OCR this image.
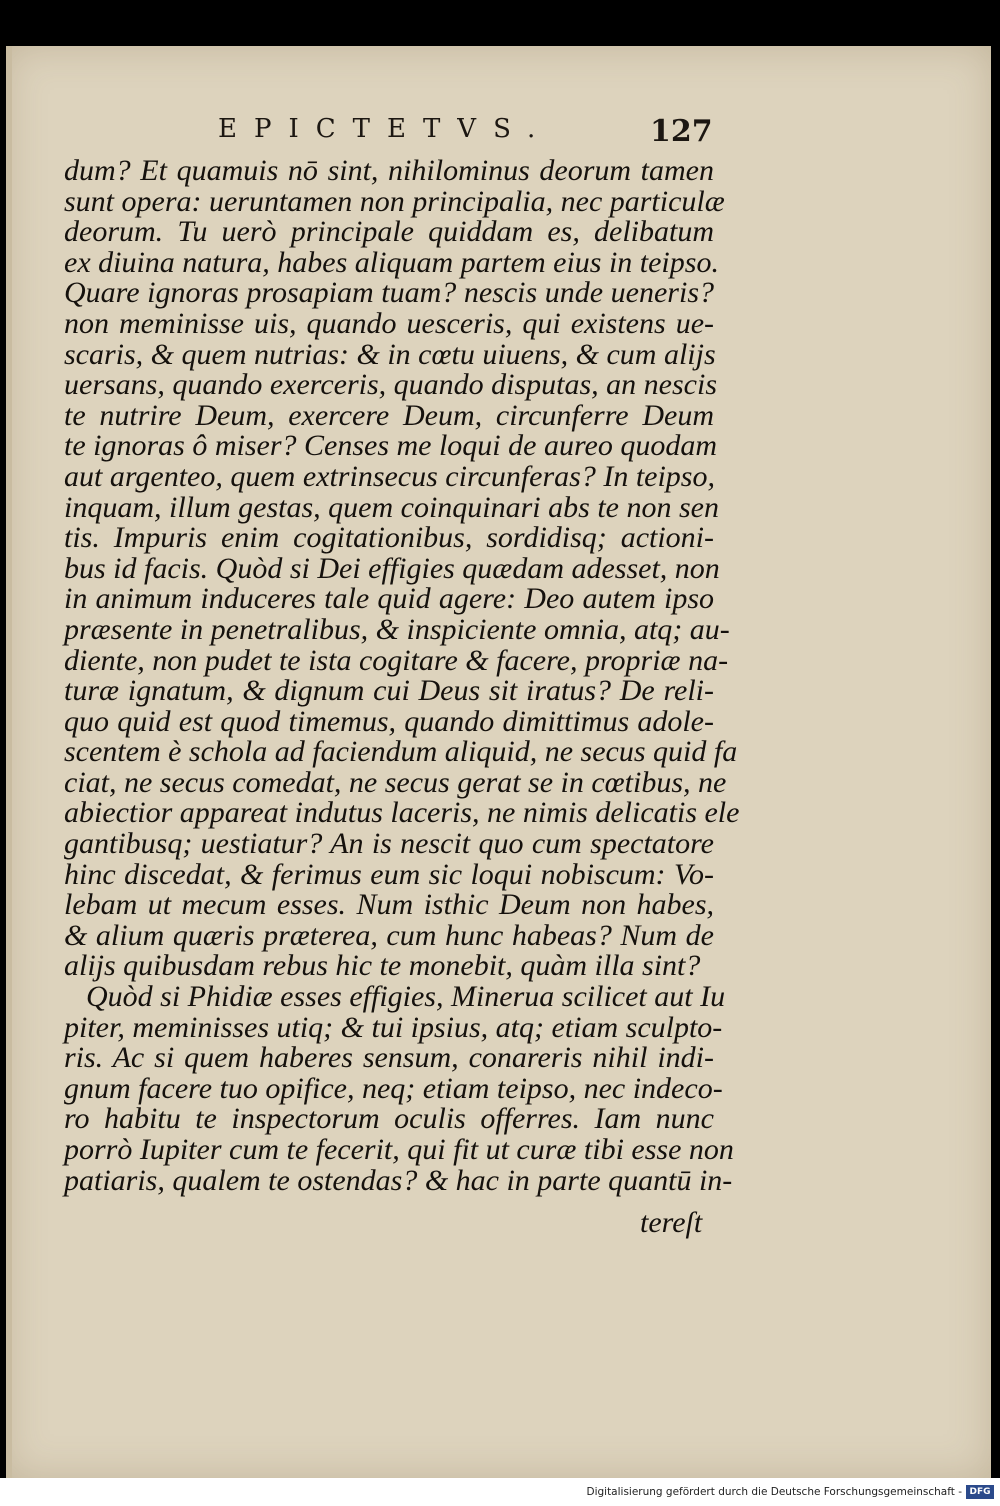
EPICTETVS.	127
dum? Et quamuis nō sint, nihilominus deorum tamen
sunt opera: ueruntamen non principalia, nec particulæ
deorum. Tu uerò principale quiddam es, delibatum
ex diuina natura, habes aliquam partem eius in teipso.
Quare ignoras prosapiam tuam? nescis unde ueneris?
non meminisse uis, quando uesceris, qui existens ue-
scaris, & quem nutrias: & in cœtu uiuens, & cum alijs
uersans, quando exerceris, quando disputas, an nescis
te nutrire Deum, exercere Deum, circunferre Deum
te ignoras ô miser? Censes me loqui de aureo quodam
aut argenteo, quem extrinsecus circunferas? In teipso,
inquam, illum gestas, quem coinquinari abs te non sen
tis. Impuris enim cogitationibus, sordidisq; actioni-
bus id facis. Quòd si Dei effigies quædam adesset, non
in animum induceres tale quid agere: Deo autem ipso
præsente in penetralibus, & inspiciente omnia, atq; au-
diente, non pudet te ista cogitare & facere, propriæ na-
turæ ignatum, & dignum cui Deus sit iratus? De reli-
quo quid est quod timemus, quando dimittimus adole-
scentem è schola ad faciendum aliquid, ne secus quid fa
ciat, ne secus comedat, ne secus gerat se in cœtibus, ne
abiectior appareat indutus laceris, ne nimis delicatis ele
gantibusq; uestiatur? An is nescit quo cum spectatore
hinc discedat, & ferimus eum sic loqui nobiscum: Vo-
lebam ut mecum esses. Num isthic Deum non habes,
& alium quæris præterea, cum hunc habeas? Num de
alijs quibusdam rebus hic te monebit, quàm illa sint?
Quòd si Phidiæ esses effigies, Minerua scilicet aut Iu
piter, meminisses utiq; & tui ipsius, atq; etiam sculpto-
ris. Ac si quem haberes sensum, conareris nihil indi-
gnum facere tuo opifice, neq; etiam teipso, nec indeco-
ro habitu te inspectorum oculis offerres. Iam nunc
porrò Iupiter cum te fecerit, qui fit ut curæ tibi esse non
patiaris, qualem te ostendas? & hac in parte quantū in-
tereſt
Digitalisierung gefördert durch die Deutsche Forschungsgemeinschaft - DFG
